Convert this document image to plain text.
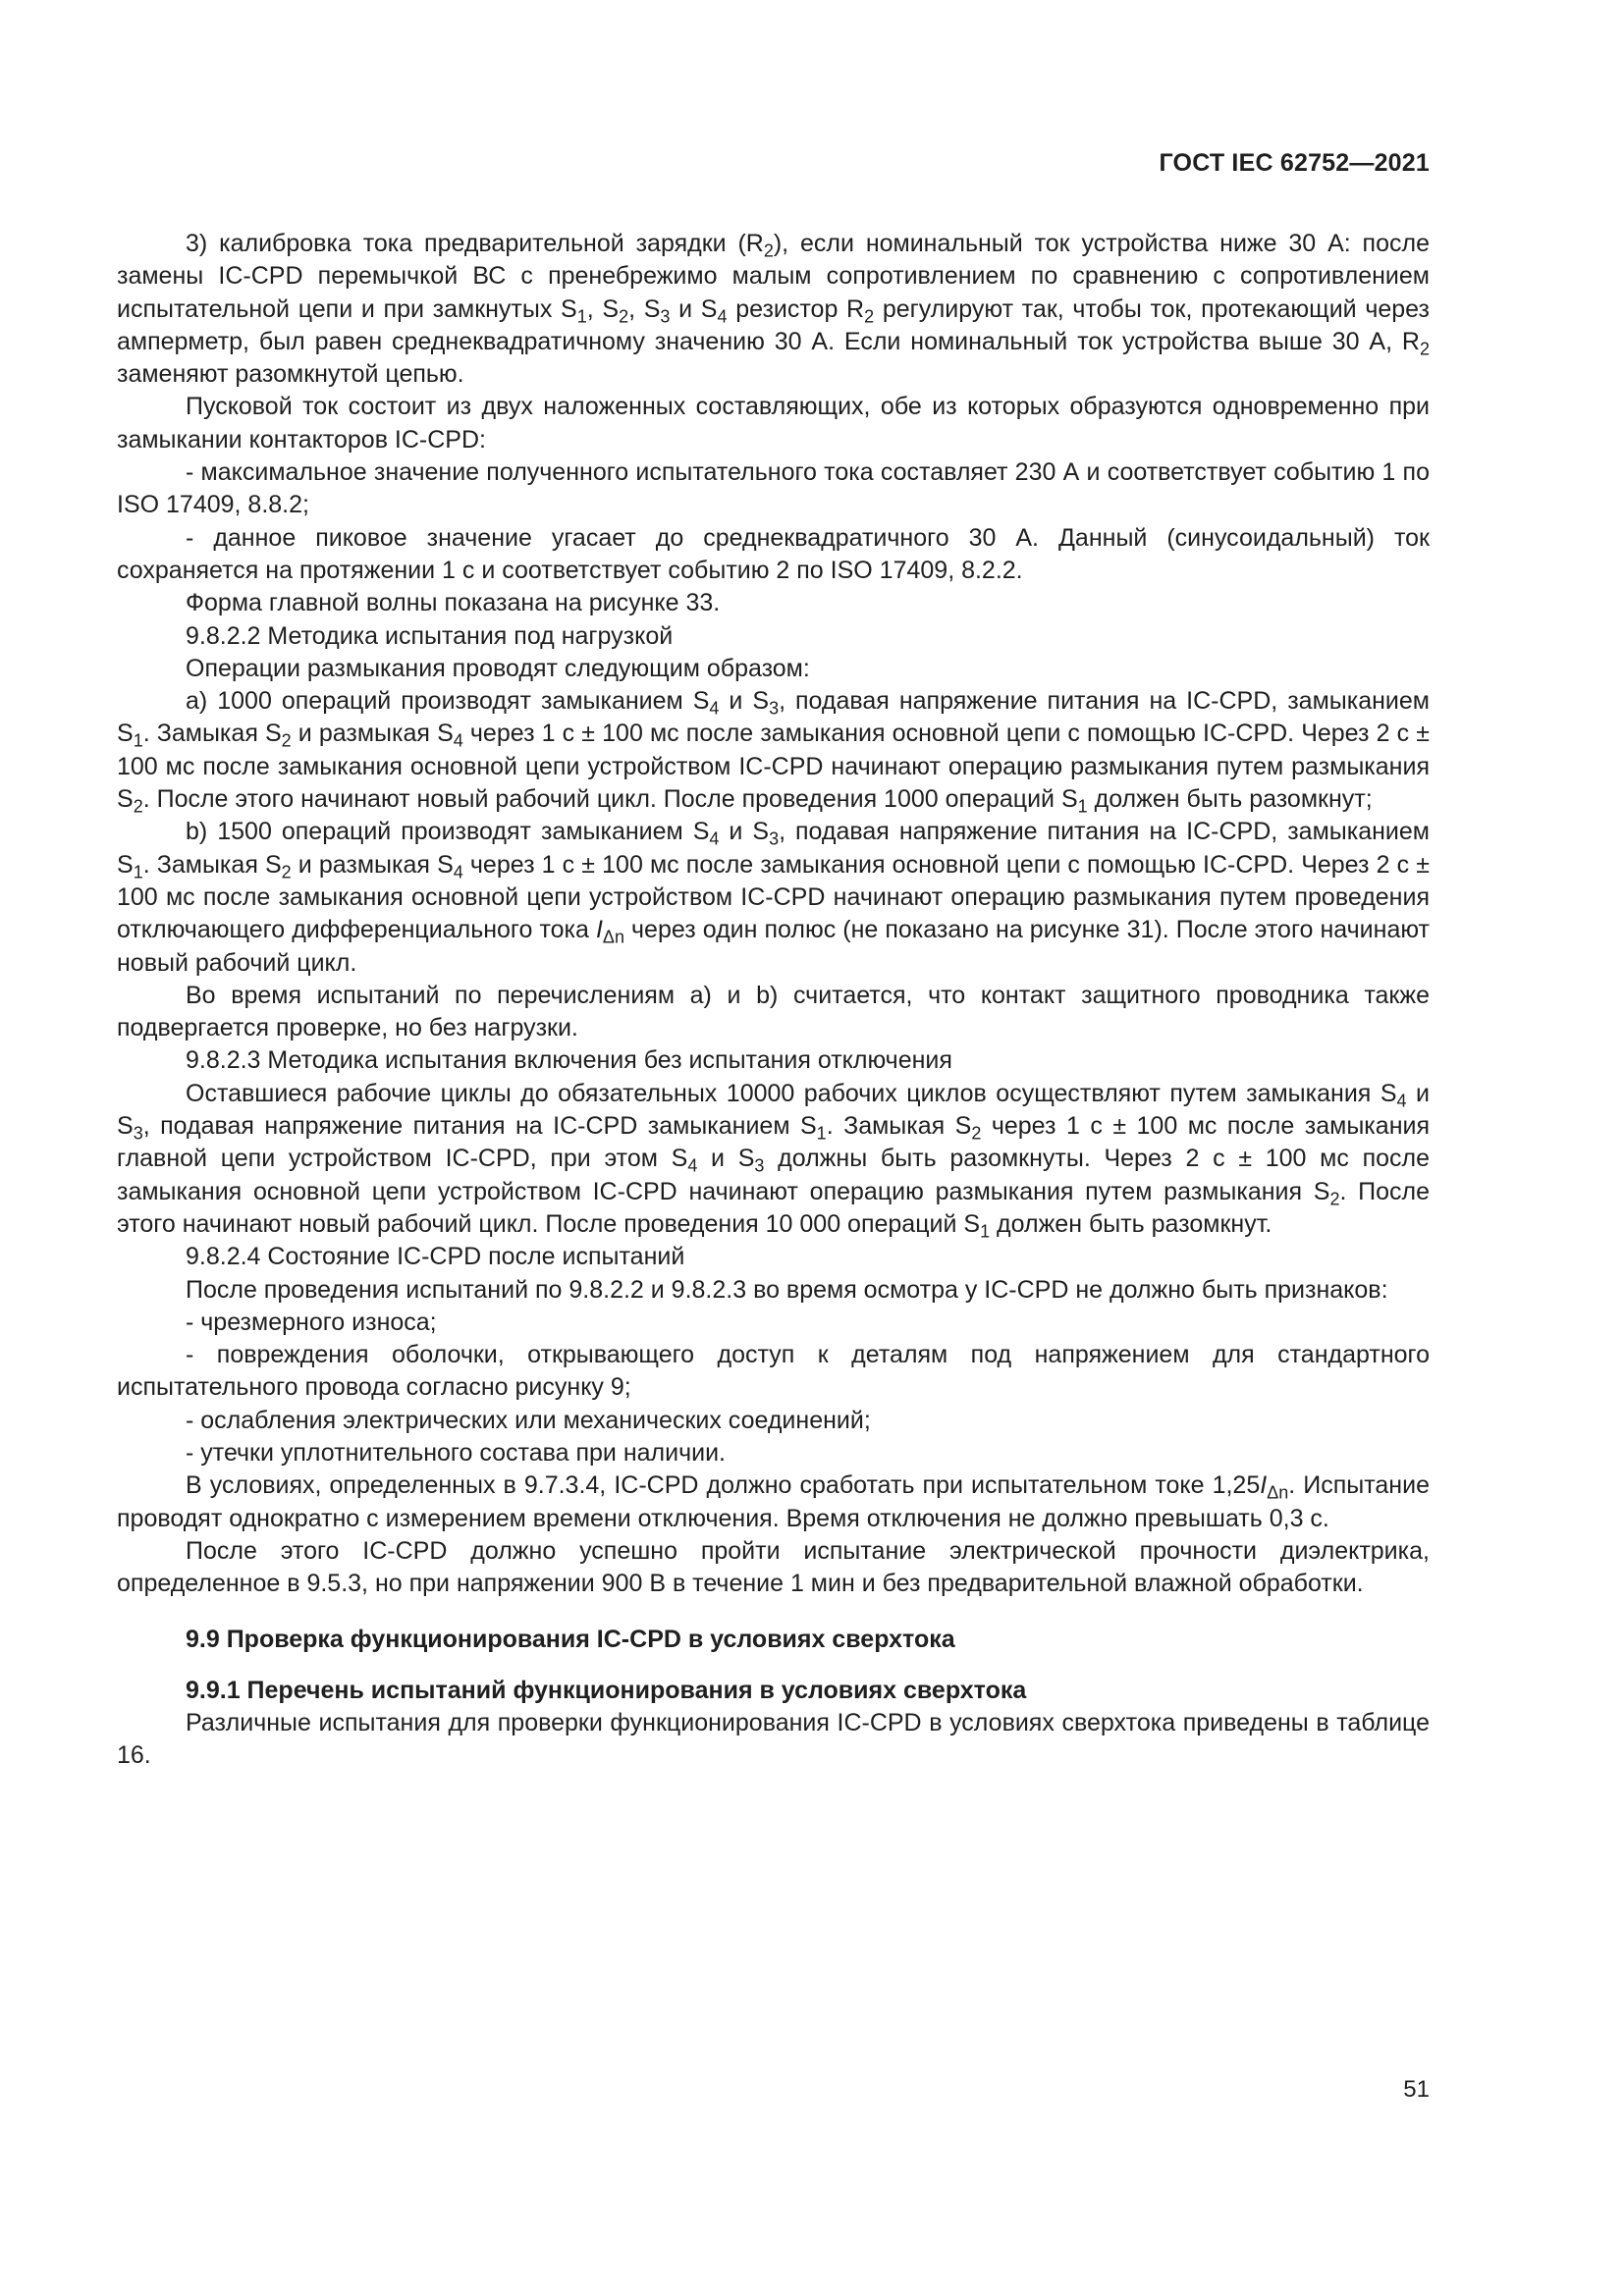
ГОСТ IEC 62752—2021

3) калибровка тока предварительной зарядки $(R_2)$, если номинальный ток устройства ниже 30 А: после замены IC-CPD перемычкой ВС с пренебрежимо малым сопротивлением по сравнению с сопротивлением испытательной цепи и при замкнутых $S_1$, $S_2$, $S_3$ и $S_4$ резистор $R_2$ регулируют так, чтобы ток, протекающий через амперметр, был равен среднеквадратичному значению 30 А. Если номинальный ток устройства выше 30 А, $R_2$ заменяют разомкнутой цепью.

Пусковой ток состоит из двух наложенных составляющих, обе из которых образуются одновременно при замыкании контакторов IC-CPD:

- максимальное значение полученного испытательного тока составляет 230 А и соответствует событию 1 по ISO 17409, 8.8.2;

- данное пиковое значение угасает до среднеквадратичного 30 А. Данный (синусоидальный) ток сохраняется на протяжении 1 с и соответствует событию 2 по ISO 17409, 8.2.2.

Форма главной волны показана на рисунке 33.

9.8.2.2 Методика испытания под нагрузкой

Операции размыкания проводят следующим образом:

а) 1000 операций производят замыканием $S_4$ и $S_3$, подавая напряжение питания на IC-CPD, замыканием $S_1$. Замыкая $S_2$ и размыкая $S_4$ через 1 с ± 100 мс после замыкания основной цепи с помощью IC-CPD. Через 2 с ± 100 мс после замыкания основной цепи устройством IC-CPD начинают операцию размыкания путем размыкания $S_2$. После этого начинают новый рабочий цикл. После проведения 1000 операций $S_1$ должен быть разомкнут;

b) 1500 операций производят замыканием $S_4$ и $S_3$, подавая напряжение питания на IC-CPD, замыканием $S_1$. Замыкая $S_2$ и размыкая $S_4$ через 1 с ± 100 мс после замыкания основной цепи с помощью IC-CPD. Через 2 с ± 100 мс после замыкания основной цепи устройством IC-CPD начинают операцию размыкания путем проведения отключающего дифференциального тока $I_{\Delta n}$ через один полюс (не показано на рисунке 31). После этого начинают новый рабочий цикл.

Во время испытаний по перечислениям а) и b) считается, что контакт защитного проводника также подвергается проверке, но без нагрузки.

9.8.2.3 Методика испытания включения без испытания отключения

Оставшиеся рабочие циклы до обязательных 10000 рабочих циклов осуществляют путем замыкания $S_4$ и $S_3$, подавая напряжение питания на IC-CPD замыканием $S_1$. Замыкая $S_2$ через 1 с ± 100 мс после замыкания главной цепи устройством IC-CPD, при этом $S_4$ и $S_3$ должны быть разомкнуты. Через 2 с ± 100 мс после замыкания основной цепи устройством IC-CPD начинают операцию размыкания путем размыкания $S_2$. После этого начинают новый рабочий цикл. После проведения 10 000 операций $S_1$ должен быть разомкнут.

9.8.2.4 Состояние IC-CPD после испытаний

После проведения испытаний по 9.8.2.2 и 9.8.2.3 во время осмотра у IC-CPD не должно быть признаков:

- чрезмерного износа;

- повреждения оболочки, открывающего доступ к деталям под напряжением для стандартного испытательного провода согласно рисунку 9;

- ослабления электрических или механических соединений;

- утечки уплотнительного состава при наличии.

В условиях, определенных в 9.7.3.4, IC-CPD должно сработать при испытательном токе $1,25I_{\Delta n}$. Испытание проводят однократно с измерением времени отключения. Время отключения не должно превышать 0,3 с.

После этого IC-CPD должно успешно пройти испытание электрической прочности диэлектрика, определенное в 9.5.3, но при напряжении 900 В в течение 1 мин и без предварительной влажной обработки.

9.9 Проверка функционирования IC-CPD в условиях сверхтока

9.9.1 Перечень испытаний функционирования в условиях сверхтока

Различные испытания для проверки функционирования IC-CPD в условиях сверхтока приведены в таблице 16.

51
